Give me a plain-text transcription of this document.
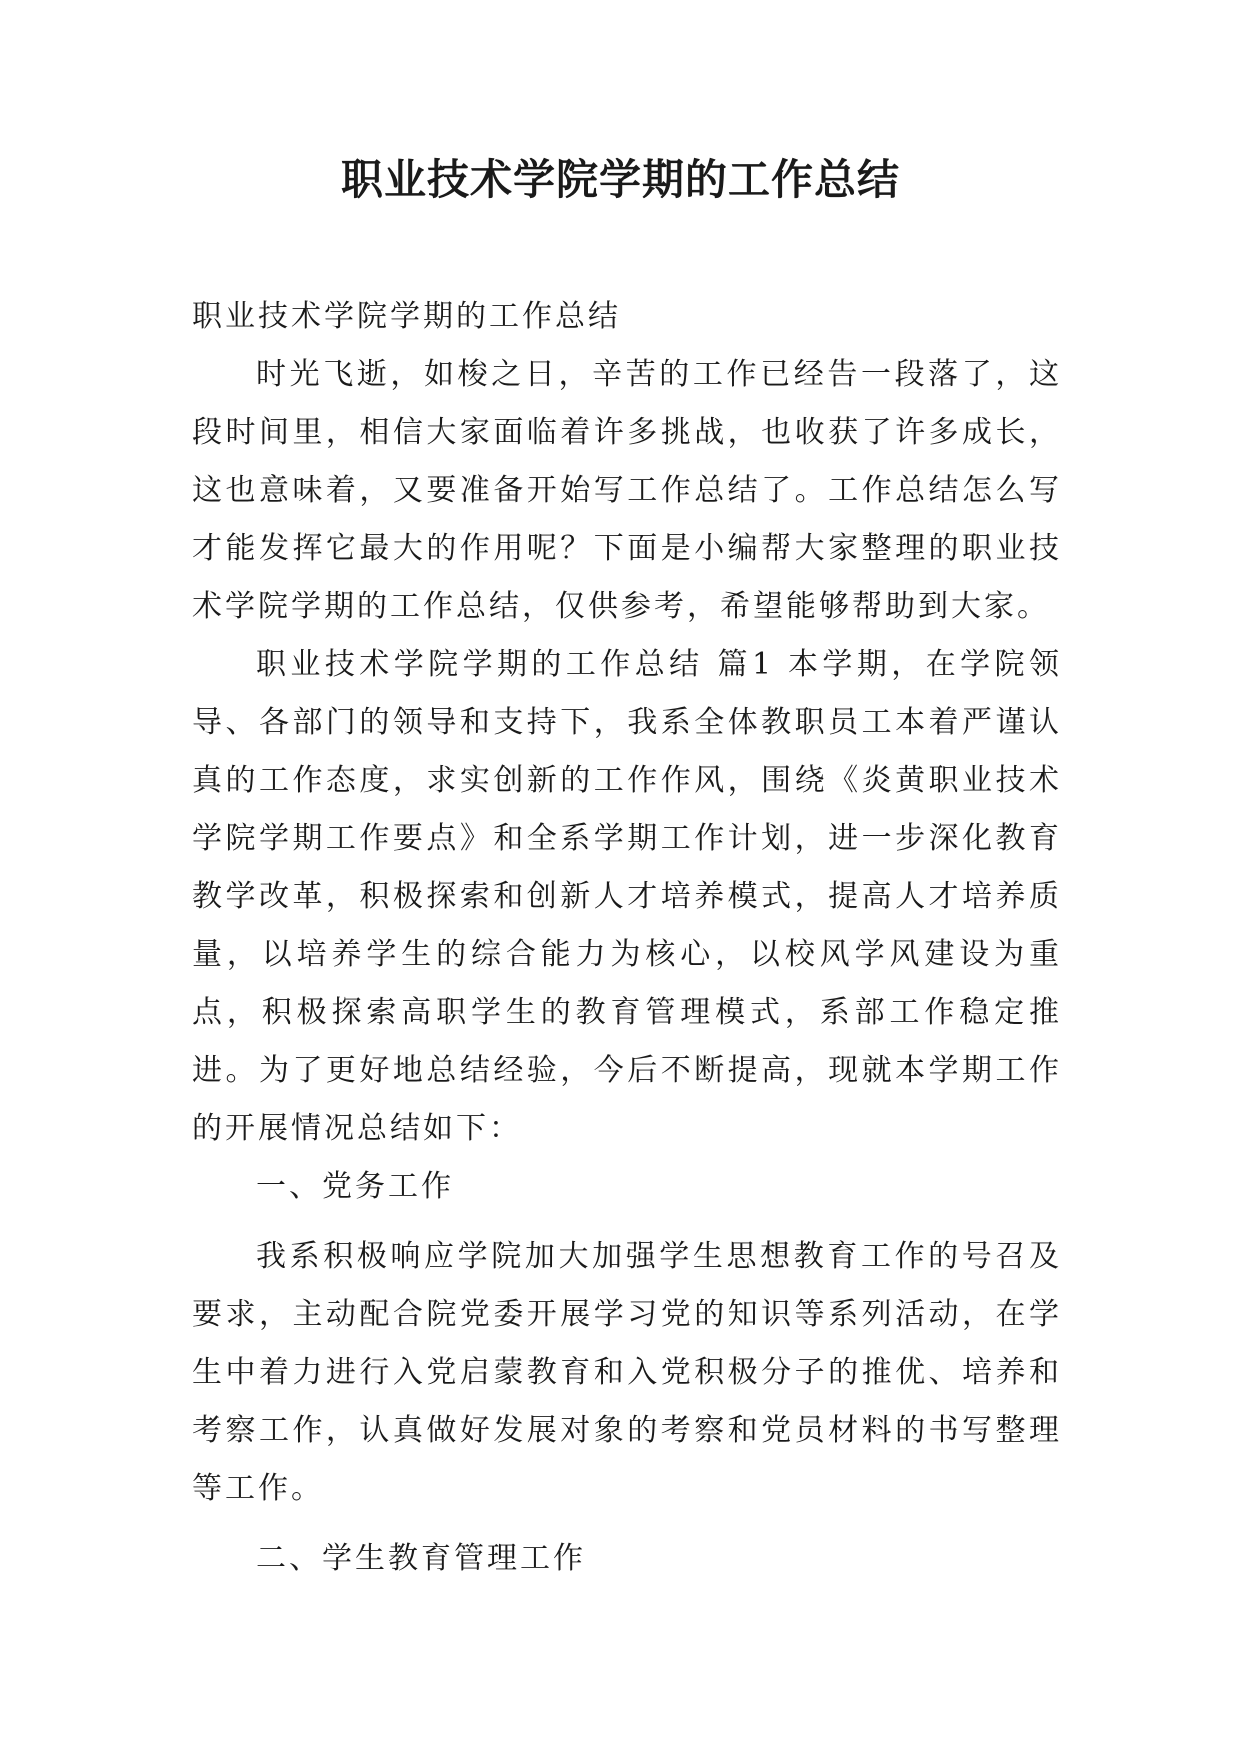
职业技术学院学期的工作总结

职业技术学院学期的工作总结

时光飞逝，如梭之日，辛苦的工作已经告一段落了，这段时间里，相信大家面临着许多挑战，也收获了许多成长，这也意味着，又要准备开始写工作总结了。工作总结怎么写才能发挥它最大的作用呢？下面是小编帮大家整理的职业技术学院学期的工作总结，仅供参考，希望能够帮助到大家。

职业技术学院学期的工作总结 篇1 本学期，在学院领导、各部门的领导和支持下，我系全体教职员工本着严谨认真的工作态度，求实创新的工作作风，围绕《炎黄职业技术学院学期工作要点》和全系学期工作计划，进一步深化教育教学改革，积极探索和创新人才培养模式，提高人才培养质量，以培养学生的综合能力为核心，以校风学风建设为重点，积极探索高职学生的教育管理模式，系部工作稳定推进。为了更好地总结经验，今后不断提高，现就本学期工作的开展情况总结如下：

一、党务工作

我系积极响应学院加大加强学生思想教育工作的号召及要求，主动配合院党委开展学习党的知识等系列活动，在学生中着力进行入党启蒙教育和入党积极分子的推优、培养和考察工作，认真做好发展对象的考察和党员材料的书写整理等工作。

二、学生教育管理工作
